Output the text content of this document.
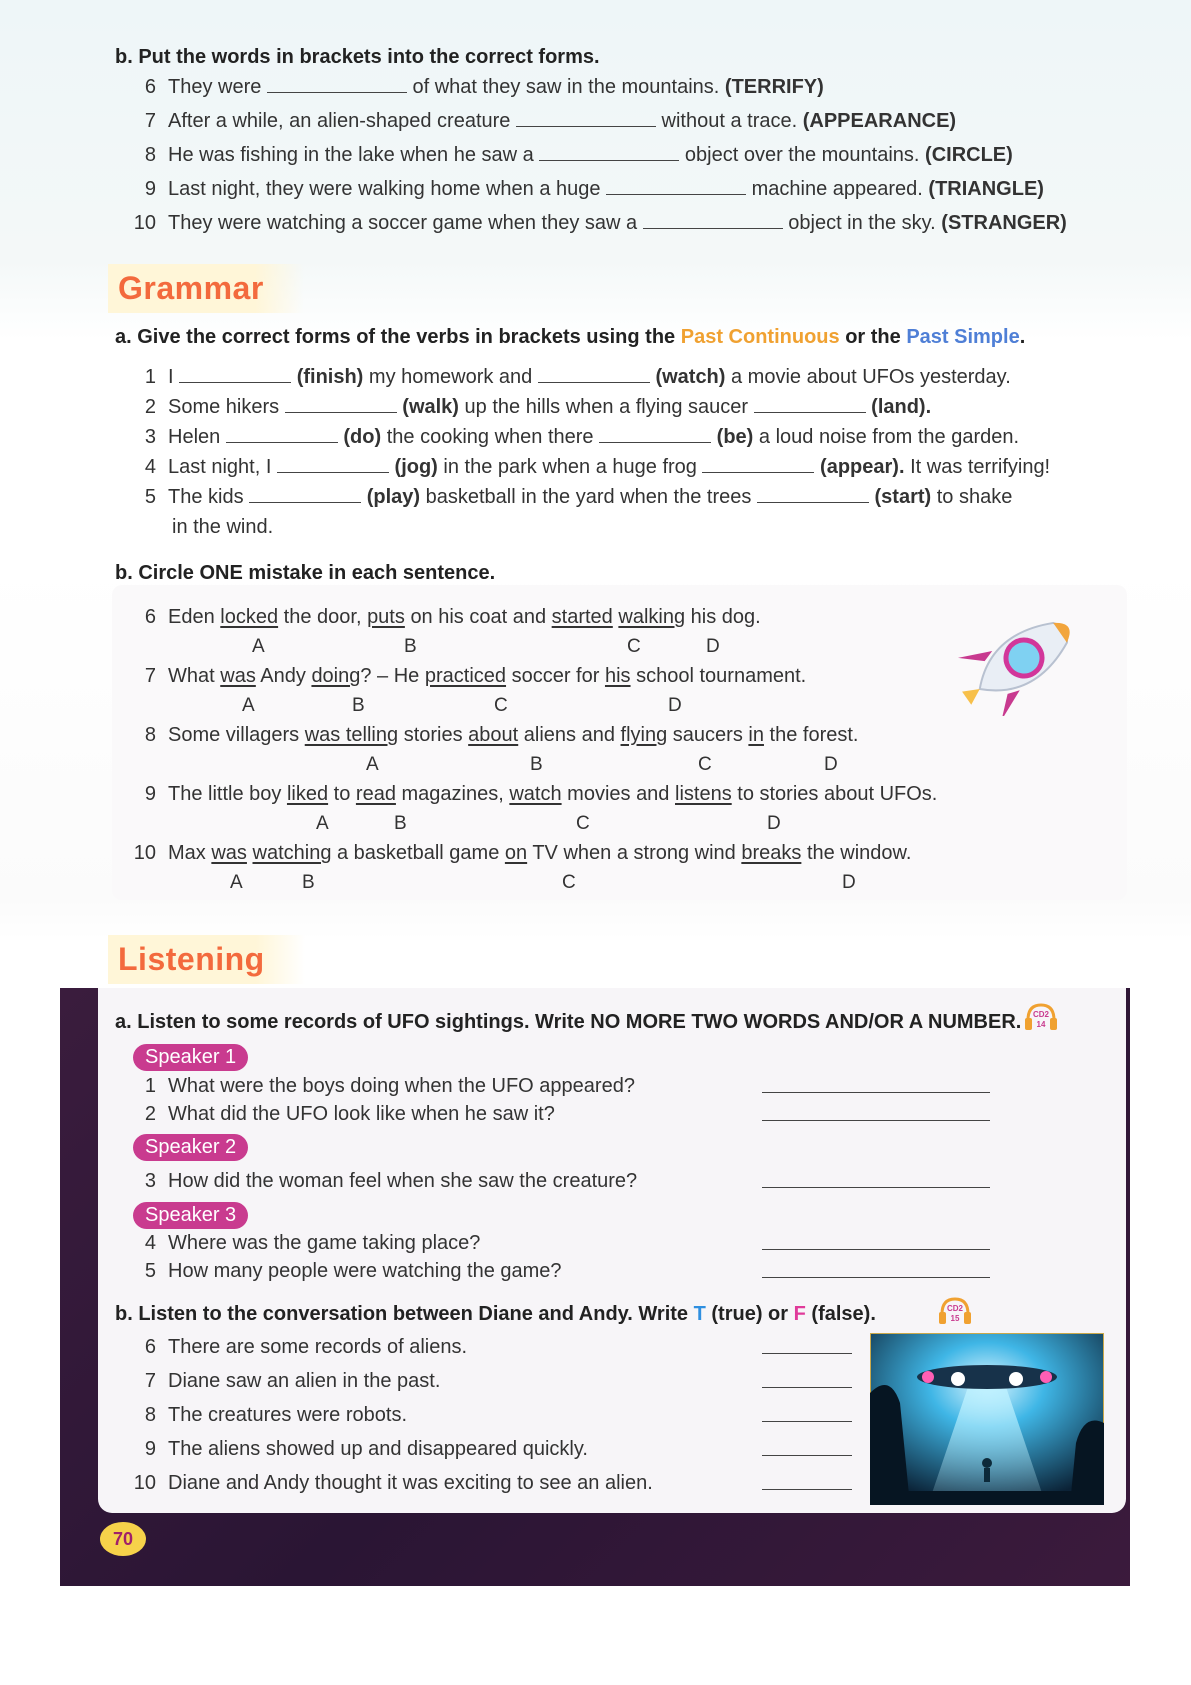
b. Put the words in brackets into the correct forms.
6 They were	of what they saw in the mountains. (TERRIFY)
7 After a while, an alien-shaped creature	without a trace. (APPEARANCE)
8 He was fishing in the lake when he saw a	object over the mountains. (CIRCLE)
9 Last night, they were walking home when a huge	machine appeared. (TRIANGLE)
10 They were watching a soccer game when they saw a	object in the sky. (STRANGER)
Grammar
a. Give the correct forms of the verbs in brackets using the Past Continuous or the Past Simple.
1 I	(finish) my homework and	(watch) a movie about UFOs yesterday.
2 Some hikers	(walk) up the hills when a flying saucer	(land).
3 Helen	(do) the cooking when there	(be) a loud noise from the garden.
4 Last night, I	(jog) in the park when a huge frog	(appear). It was terrifying!
5 The kids	(play) basketball in the yard when the trees	(start) to shake
in the wind.
b. Circle ONE mistake in each sentence.
6 Eden locked the door, puts on his coat and started walking his dog.
A	B	C	D
7 What was Andy doing? – He practiced soccer for his school tournament.
A	B	C	D
8 Some villagers was telling stories about aliens and flying saucers in the forest.
A	B	C	D
9 The little boy liked to read magazines, watch movies and listens to stories about UFOs.
A	B	C	D
10 Max was watching a basketball game on TV when a strong wind breaks the window.
A	B	C	D
Listening
a. Listen to some records of UFO sightings. Write NO MORE TWO WORDS AND/OR A NUMBER. CD2
14
Speaker 1
1 What were the boys doing when the UFO appeared?
2 What did the UFO look like when he saw it?
Speaker 2
3 How did the woman feel when she saw the creature?
Speaker 3
4 Where was the game taking place?
5 How many people were watching the game?
b. Listen to the conversation between Diane and Andy. Write T (true) or F (false).	CD2
15
6 There are some records of aliens.
7 Diane saw an alien in the past.
8 The creatures were robots.
9 The aliens showed up and disappeared quickly.
10 Diane and Andy thought it was exciting to see an alien.
70
